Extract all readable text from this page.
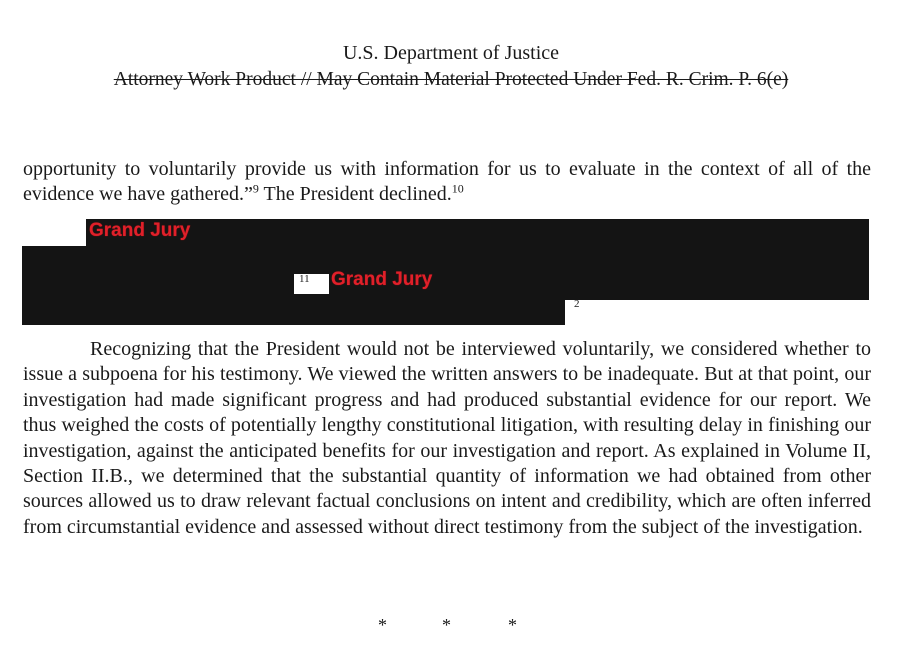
U.S. Department of Justice
Attorney Work Product // May Contain Material Protected Under Fed. R. Crim. P. 6(e)
opportunity to voluntarily provide us with information for us to evaluate in the context of all of the evidence we have gathered.”$^9$ The President declined.$^{10}$
11
Grand Jury
Grand Jury
2
Recognizing that the President would not be interviewed voluntarily, we considered whether to issue a subpoena for his testimony. We viewed the written answers to be inadequate. But at that point, our investigation had made significant progress and had produced substantial evidence for our report. We thus weighed the costs of potentially lengthy constitutional litigation, with resulting delay in finishing our investigation, against the anticipated benefits for our investigation and report. As explained in Volume II, Section II.B., we determined that the substantial quantity of information we had obtained from other sources allowed us to draw relevant factual conclusions on intent and credibility, which are often inferred from circumstantial evidence and assessed without direct testimony from the subject of the investigation.
*	*	*
